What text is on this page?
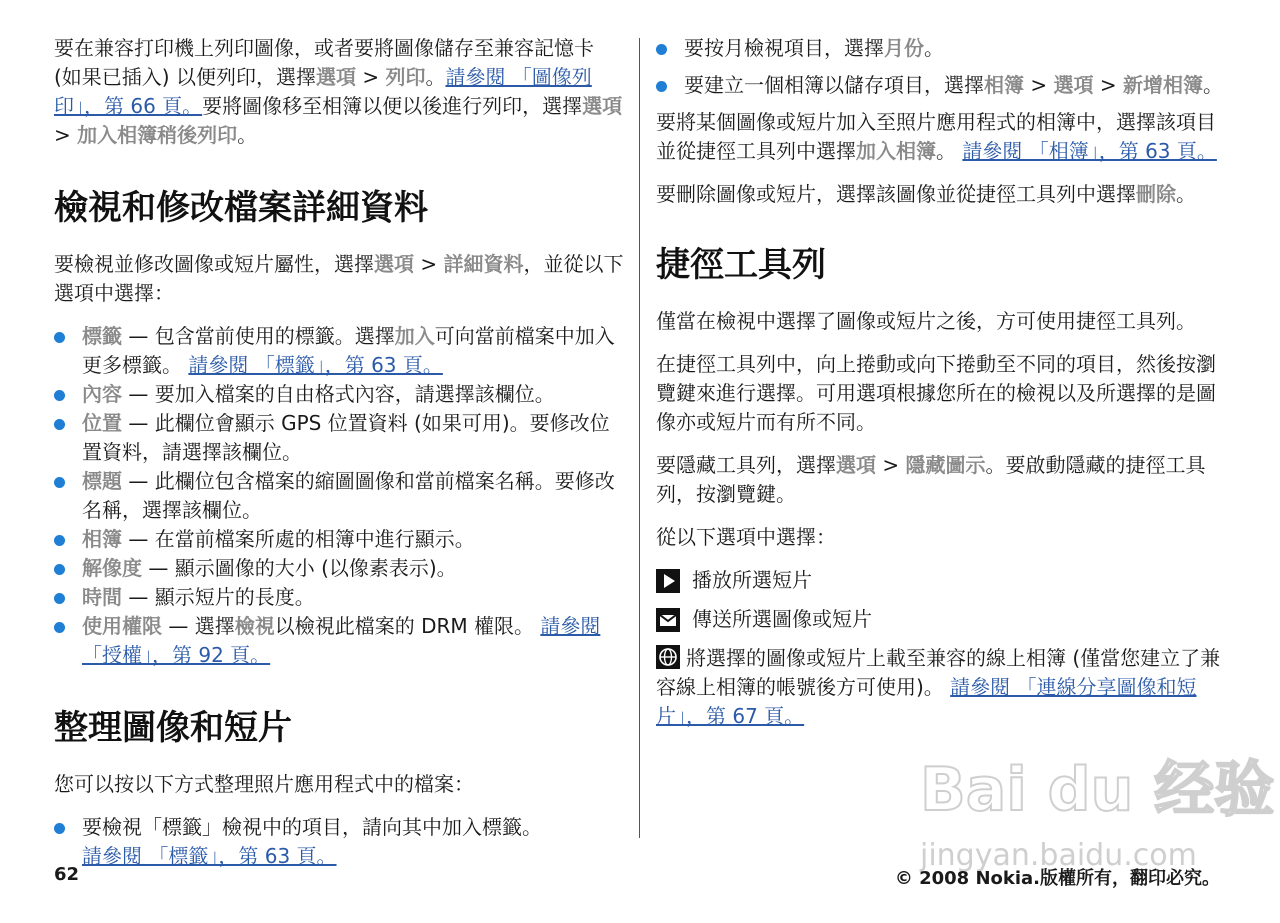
要在兼容打印機上列印圖像，或者要將圖像儲存至兼容記憶卡 (如果已插入) 以便列印，選擇選項 > 列印。請參閱 「圖像列印」，第 66 頁。要將圖像移至相簿以便以後進行列印，選擇選項 > 加入相簿稍後列印。

檢視和修改檔案詳細資料

要檢視並修改圖像或短片屬性，選擇選項 > 詳細資料，並從以下選項中選擇：

標籤 — 包含當前使用的標籤。選擇加入可向當前檔案中加入更多標籤。 請參閱 「標籤」，第 63 頁。
內容 — 要加入檔案的自由格式內容，請選擇該欄位。
位置 — 此欄位會顯示 GPS 位置資料 (如果可用)。要修改位置資料，請選擇該欄位。
標題 — 此欄位包含檔案的縮圖圖像和當前檔案名稱。要修改名稱，選擇該欄位。
相簿 — 在當前檔案所處的相簿中進行顯示。
解像度 — 顯示圖像的大小 (以像素表示)。
時間 — 顯示短片的長度。
使用權限 — 選擇檢視以檢視此檔案的 DRM 權限。 請參閱 「授權」，第 92 頁。
整理圖像和短片

您可以按以下方式整理照片應用程式中的檔案：

要檢視「標籤」檢視中的項目，請向其中加入標籤。
請參閱 「標籤」，第 63 頁。
要按月檢視項目，選擇月份。
要建立一個相簿以儲存項目，選擇相簿 > 選項 > 新增相簿。

要將某個圖像或短片加入至照片應用程式的相簿中，選擇該項目並從捷徑工具列中選擇加入相簿。 請參閱 「相簿」，第 63 頁。

要刪除圖像或短片，選擇該圖像並從捷徑工具列中選擇刪除。

捷徑工具列

僅當在檢視中選擇了圖像或短片之後，方可使用捷徑工具列。

在捷徑工具列中，向上捲動或向下捲動至不同的項目，然後按瀏覽鍵來進行選擇。可用選項根據您所在的檢視以及所選擇的是圖像亦或短片而有所不同。

要隱藏工具列，選擇選項 > 隱藏圖示。要啟動隱藏的捷徑工具列，按瀏覽鍵。

從以下選項中選擇：

播放所選短片
傳送所選圖像或短片

將選擇的圖像或短片上載至兼容的線上相簿 (僅當您建立了兼容線上相簿的帳號後方可使用)。 請參閱 「連線分享圖像和短片」，第 67 頁。

Bai du 经验
jingyan.baidu.com
62	© 2008 Nokia.版權所有，翻印必究。
